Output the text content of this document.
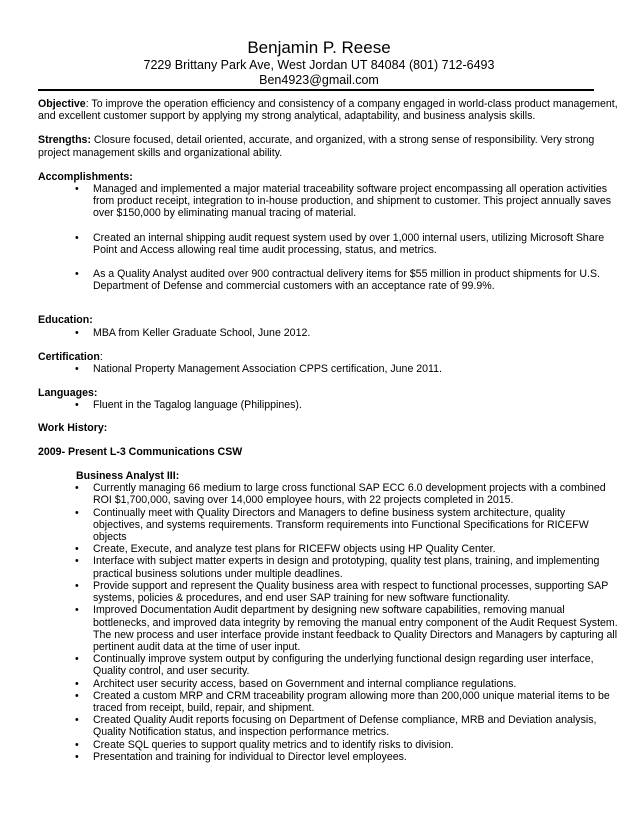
Benjamin P. Reese
7229 Brittany Park Ave, West Jordan UT 84084 (801) 712-6493
Ben4923@gmail.com

Objective: To improve the operation efficiency and consistency of a company engaged in world-class product management, and excellent customer support by applying my strong analytical, adaptability, and business analysis skills.

Strengths: Closure focused, detail oriented, accurate, and organized, with a strong sense of responsibility. Very strong project management skills and organizational ability.

Accomplishments:

• Managed and implemented a major material traceability software project encompassing all operation activities from product receipt, integration to in-house production, and shipment to customer. This project annually saves over $150,000 by eliminating manual tracing of material.
• Created an internal shipping audit request system used by over 1,000 internal users, utilizing Microsoft Share Point and Access allowing real time audit processing, status, and metrics.
• As a Quality Analyst audited over 900 contractual delivery items for $55 million in product shipments for U.S. Department of Defense and commercial customers with an acceptance rate of 99.9%.

Education:

• MBA from Keller Graduate School, June 2012.

Certification:

• National Property Management Association CPPS certification, June 2011.

Languages:

• Fluent in the Tagalog language (Philippines).

Work History:

2009- Present L-3 Communications CSW

Business Analyst III:

• Currently managing 66 medium to large cross functional SAP ECC 6.0 development projects with a combined ROI $1,700,000, saving over 14,000 employee hours, with 22 projects completed in 2015.
• Continually meet with Quality Directors and Managers to define business system architecture, quality objectives, and systems requirements. Transform requirements into Functional Specifications for RICEFW objects
• Create, Execute, and analyze test plans for RICEFW objects using HP Quality Center.
• Interface with subject matter experts in design and prototyping, quality test plans, training, and implementing practical business solutions under multiple deadlines.
• Provide support and represent the Quality business area with respect to functional processes, supporting SAP systems, policies & procedures, and end user SAP training for new software functionality.
• Improved Documentation Audit department by designing new software capabilities, removing manual bottlenecks, and improved data integrity by removing the manual entry component of the Audit Request System. The new process and user interface provide instant feedback to Quality Directors and Managers by capturing all pertinent audit data at the time of user input.
• Continually improve system output by configuring the underlying functional design regarding user interface, Quality control, and user security.
• Architect user security access, based on Government and internal compliance regulations.
• Created a custom MRP and CRM traceability program allowing more than 200,000 unique material items to be traced from receipt, build, repair, and shipment.
• Created Quality Audit reports focusing on Department of Defense compliance, MRB and Deviation analysis, Quality Notification status, and inspection performance metrics.
• Create SQL queries to support quality metrics and to identify risks to division.
• Presentation and training for individual to Director level employees.
